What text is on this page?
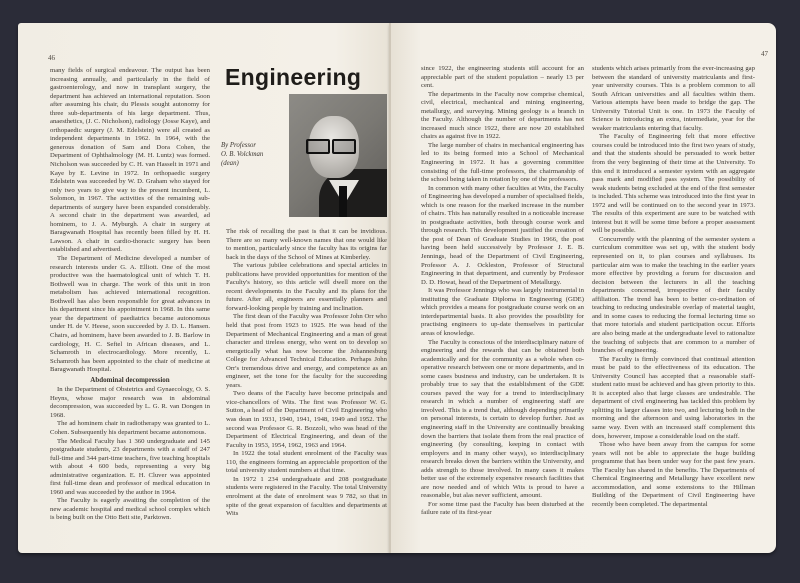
46	47

many fields of surgical endeavour. The output has been increasing annually, and particularly in the field of gastroenterology, and now in transplant surgery, the department has achieved an international reputation. Soon after assuming his chair, du Plessis sought autonomy for three sub-departments of his large department. Thus, anaesthetics, (J. C. Nicholson), radiology (Josse Kaye), and orthopaedic surgery (J. M. Edelstein) were all created as independent departments in 1962. In 1964, with the generous donation of Sam and Dora Cohen, the Department of Ophthalmology (M. H. Luntz) was formed. Nicholson was succeeded by C. H. van Hasselt in 1971 and Kaye by E. Levine in 1972. In orthopaedic surgery Edelstein was succeeded by W. D. Graham who stayed for only two years to give way to the present incumbent, L. Solomon, in 1967. The activities of the remaining sub-departments of surgery have been expanded considerably. A second chair in the department was awarded, ad hominem, to J. A. Myburgh. A chair in surgery at Baragwanath Hospital has recently been filled by H. H. Lawson. A chair in cardio-thoracic surgery has been established and advertised.

The Department of Medicine developed a number of research interests under G. A. Elliott. One of the most productive was the haematological unit of which T. H. Bothwell was in charge. The work of this unit in iron metabolism has achieved international recognition. Bothwell has also been responsible for great advances in his department since his appointment in 1968. In this same year the department of paediatrics became autonomous under H. de V. Heese, soon succeeded by J. D. L. Hansen. Chairs, ad hominem, have been awarded to J. B. Barlow in cardiology, H. C. Seftel in African diseases, and L. Schamroth in electrocardiology. More recently, L. Schamroth has been appointed to the chair of medicine at Baragwanath Hospital.

Abdominal decompression

In the Department of Obstetrics and Gynaecology, O. S. Heyns, whose major research was in abdominal decompression, was succeeded by L. G. R. van Dongen in 1968.

The ad hominem chair in radiotherapy was granted to L. Cohen. Subsequently his department became autonomous.

The Medical Faculty has 1 360 undergraduate and 145 postgraduate students, 23 departments with a staff of 247 full-time and 344 part-time teachers, five teaching hospitals with about 4 600 beds, representing a very big administrative organization. E. H. Cluver was appointed first full-time dean and professor of medical education in 1960 and was succeeded by the author in 1964.

The Faculty is eagerly awaiting the completion of the new academic hospital and medical school complex which is being built on the Otto Beit site, Parktown.

Engineering
By Professor
O. B. Volckman
(dean)

The risk of recalling the past is that it can be invidious. There are so many well-known names that one would like to mention, particularly since the faculty has its origins far back in the days of the School of Mines at Kimberley.

The various jubilee celebrations and special articles in publications have provided opportunities for mention of the Faculty's history, so this article will dwell more on the recent developments in the Faculty and its plans for the future. After all, engineers are essentially planners and forward-looking people by training and inclination.

The first dean of the Faculty was Professor John Orr who held that post from 1923 to 1925. He was head of the Department of Mechanical Engineering and a man of great character and tireless energy, who went on to develop so energetically what has now become the Johannesburg College for Advanced Technical Education. Perhaps John Orr's tremendous drive and energy, and competence as an engineer, set the tone for the faculty for the succeeding years.

Two deans of the Faculty have become principals and vice-chancellors of Wits. The first was Professor W. G. Sutton, a head of the Department of Civil Engineering who was dean in 1931, 1940, 1941, 1948, 1949 and 1952. The second was Professor G. R. Bozzoli, who was head of the Department of Electrical Engineering, and dean of the Faculty in 1953, 1954, 1962, 1963 and 1964.

In 1922 the total student enrolment of the Faculty was 110, the engineers forming an appreciable proportion of the total university student numbers at that time.

In 1972 1 234 undergraduate and 208 postgraduate students were registered in the Faculty. The total University enrolment at the date of enrolment was 9 782, so that in spite of the great expansion of faculties and departments at Wits

since 1922, the engineering students still account for an appreciable part of the student population – nearly 13 per cent.

The departments in the Faculty now comprise chemical, civil, electrical, mechanical and mining engineering, metallurgy, and surveying. Mining geology is a branch in the Faculty. Although the number of departments has not increased much since 1922, there are now 20 established chairs as against five in 1922.

The large number of chairs in mechanical engineering has led to its being formed into a School of Mechanical Engineering in 1972. It has a governing committee consisting of the full-time professors, the chairmanship of the school being taken in rotation by one of the professors.

In common with many other faculties at Wits, the Faculty of Engineering has developed a number of specialised fields, which is one reason for the marked increase in the number of chairs. This has naturally resulted in a noticeable increase in postgraduate activities, both through course work and through research. This development justified the creation of the post of Dean of Graduate Studies in 1966, the post having been held successively by Professor J. E. B. Jennings, head of the Department of Civil Engineering, Professor A. J. Ockleston, Professor of Structural Engineering in that department, and currently by Professor D. D. Howat, head of the Department of Metallurgy.

It was Professor Jennings who was largely instrumental in instituting the Graduate Diploma in Engineering (GDE) which provides a means for postgraduate course work on an interdepartmental basis. It also provides the possibility for practising engineers to up-date themselves in particular areas of knowledge.

The Faculty is conscious of the interdisciplinary nature of engineering and the rewards that can be obtained both academically and for the community as a whole when co-operative research between one or more departments, and in some cases business and industry, can be undertaken. It is probably true to say that the establishment of the GDE courses paved the way for a trend to interdisciplinary research in which a number of engineering staff are involved. This is a trend that, although depending primarily on personal interests, is certain to develop further. Just as engineering staff in the University are continually breaking down the barriers that isolate them from the real practice of engineering (by consulting, keeping in contact with employers and in many other ways), so interdisciplinary research breaks down the barriers within the University, and adds strength to those involved. In many cases it makes better use of the extremely expensive research facilities that are now needed and of which Wits is proud to have a reasonable, but alas never sufficient, amount.

For some time past the Faculty has been disturbed at the failure rate of its first-year

students which arises primarily from the ever-increasing gap between the standard of university matriculants and first-year university courses. This is a problem common to all South African universities and all faculties within them. Various attempts have been made to bridge the gap. The University Tutorial Unit is one. In 1973 the Faculty of Science is introducing an extra, intermediate, year for the weaker matriculants entering that faculty.

The Faculty of Engineering felt that more effective courses could be introduced into the first two years of study, and that the students should be persuaded to work better from the very beginning of their time at the University. To this end it introduced a semester system with an aggregate pass mark and modified pass system. The possibility of weak students being excluded at the end of the first semester is included. This scheme was introduced into the first year in 1972 and will be continued on to the second year in 1973. The results of this experiment are sure to be watched with interest but it will be some time before a proper assessment will be possible.

Concurrently with the planning of the semester system a curriculum committee was set up, with the student body represented on it, to plan courses and syllabuses. Its particular aim was to make the teaching in the earlier years more effective by providing a forum for discussion and decision between the lecturers in all the teaching departments concerned, irrespective of their faculty affiliation. The trend has been to better co-ordination of teaching to reducing undesirable overlap of material taught, and in some cases to reducing the formal lecturing time so that more tutorials and student participation occur. Efforts are also being made at the undergraduate level to rationalize the teaching of subjects that are common to a number of branches of engineering.

The Faculty is firmly convinced that continual attention must be paid to the effectiveness of its education. The University Council has accepted that a reasonable staff-student ratio must be achieved and has given priority to this. It is accepted also that large classes are undesirable. The department of civil engineering has tackled this problem by splitting its larger classes into two, and lecturing both in the morning and the afternoon and using laboratories in the same way. Even with an increased staff complement this does, however, impose a considerable load on the staff.

Those who have been away from the campus for some years will not be able to appreciate the huge building programme that has been under way for the past few years. The Faculty has shared in the benefits. The Departments of Chemical Engineering and Metallurgy have excellent new accommodation, and some extensions to the Hillman Building of the Department of Civil Engineering have recently been completed. The departmental
